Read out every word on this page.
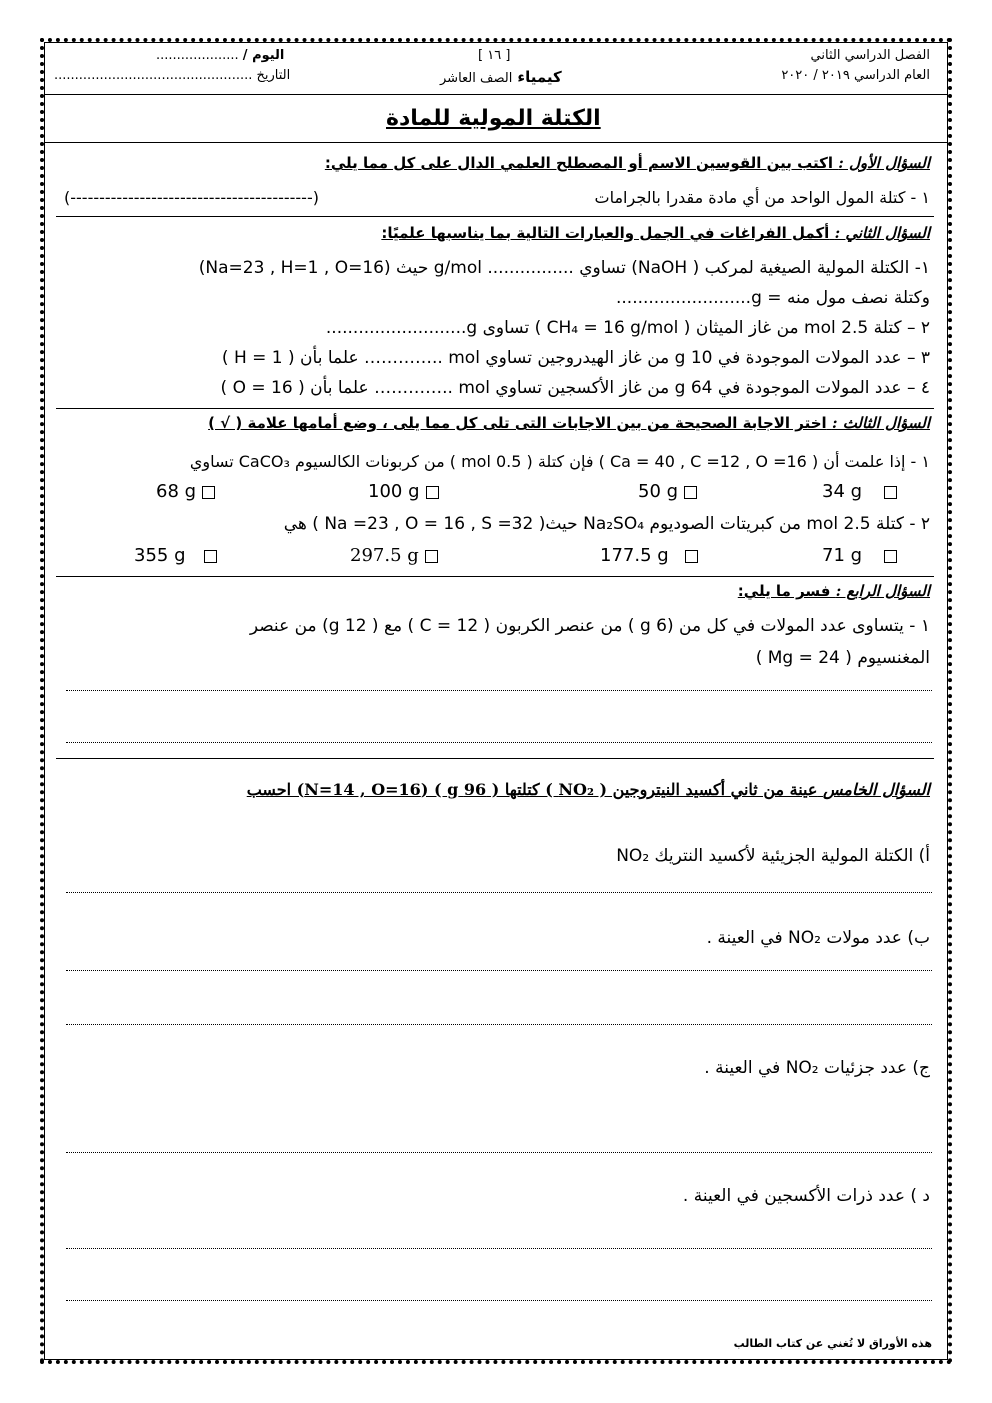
الفصل الدراسي الثاني
العام الدراسي ٢٠١٩ / ٢٠٢٠
[ ١٦ ]
كيمياء الصف العاشر
اليوم / ....................
التاريخ ................................................
الكتلة المولية للمادة
السؤال الأول : اكتب بين القوسين الاسم أو المصطلح العلمي الدال على كل مما يلي:
١ - كتلة المول الواحد من أي مادة مقدرا بالجرامات
(------------------------------------------)
السؤال الثاني : أكمل الفراغات في الجمل والعبارات التالية بما يناسبها علميًا:
١- الكتلة المولية الصيغية لمركب ( NaOH) تساوي ................ g/mol حيث (Na=23 , H=1 , O=16)
وكتلة نصف مول منه = g.........................
٢ – كتلة 2.5 mol من غاز الميثان ( CH₄ = 16 g/mol ) تساوى g..........................
٣ – عدد المولات الموجودة في g 10 من غاز الهيدروجين تساوي mol ..………… علما بأن ( H = 1 )
٤ – عدد المولات الموجودة في g 64 من غاز الأكسجين تساوي mol ..………… علما بأن ( O = 16 )
السؤال الثالث : اختر الاجابة الصحيحة من بين الاجابات التى تلى كل مما يلى ، وضع أمامها علامة ( √ )
١ - إذا علمت أن ( Ca = 40 , C =12 , O =16 ) فإن كتلة ( 0.5 mol ) من كربونات الكالسيوم CaCO₃ تساوي
34 g
50 g
100 g
68 g
٢ - كتلة 2.5 mol من كبريتات الصوديوم Na₂SO₄ حيث( Na =23 , O = 16 , S =32 ) هي
71 g
177.5 g
297.5 g
355 g
السؤال الرابع : فسر ما يلي:
١ - يتساوى عدد المولات في كل من (g 6 ) من عنصر الكربون ( C = 12 ) مع ( g 12) من عنصر
المغنسيوم ( Mg = 24 )
السؤال الخامس عينة من ثاني أكسيد النيتروجين ( NO₂ ) كتلتها ( 96 g ) (N=14 , O=16) احسب
أ) الكتلة المولية الجزيئية لأكسيد النتريك NO₂
ب) عدد مولات NO₂ في العينة .
ج) عدد جزئيات NO₂ في العينة .
د ) عدد ذرات الأكسجين في العينة .
هذه الأوراق لا تُغني عن كتاب الطالب
